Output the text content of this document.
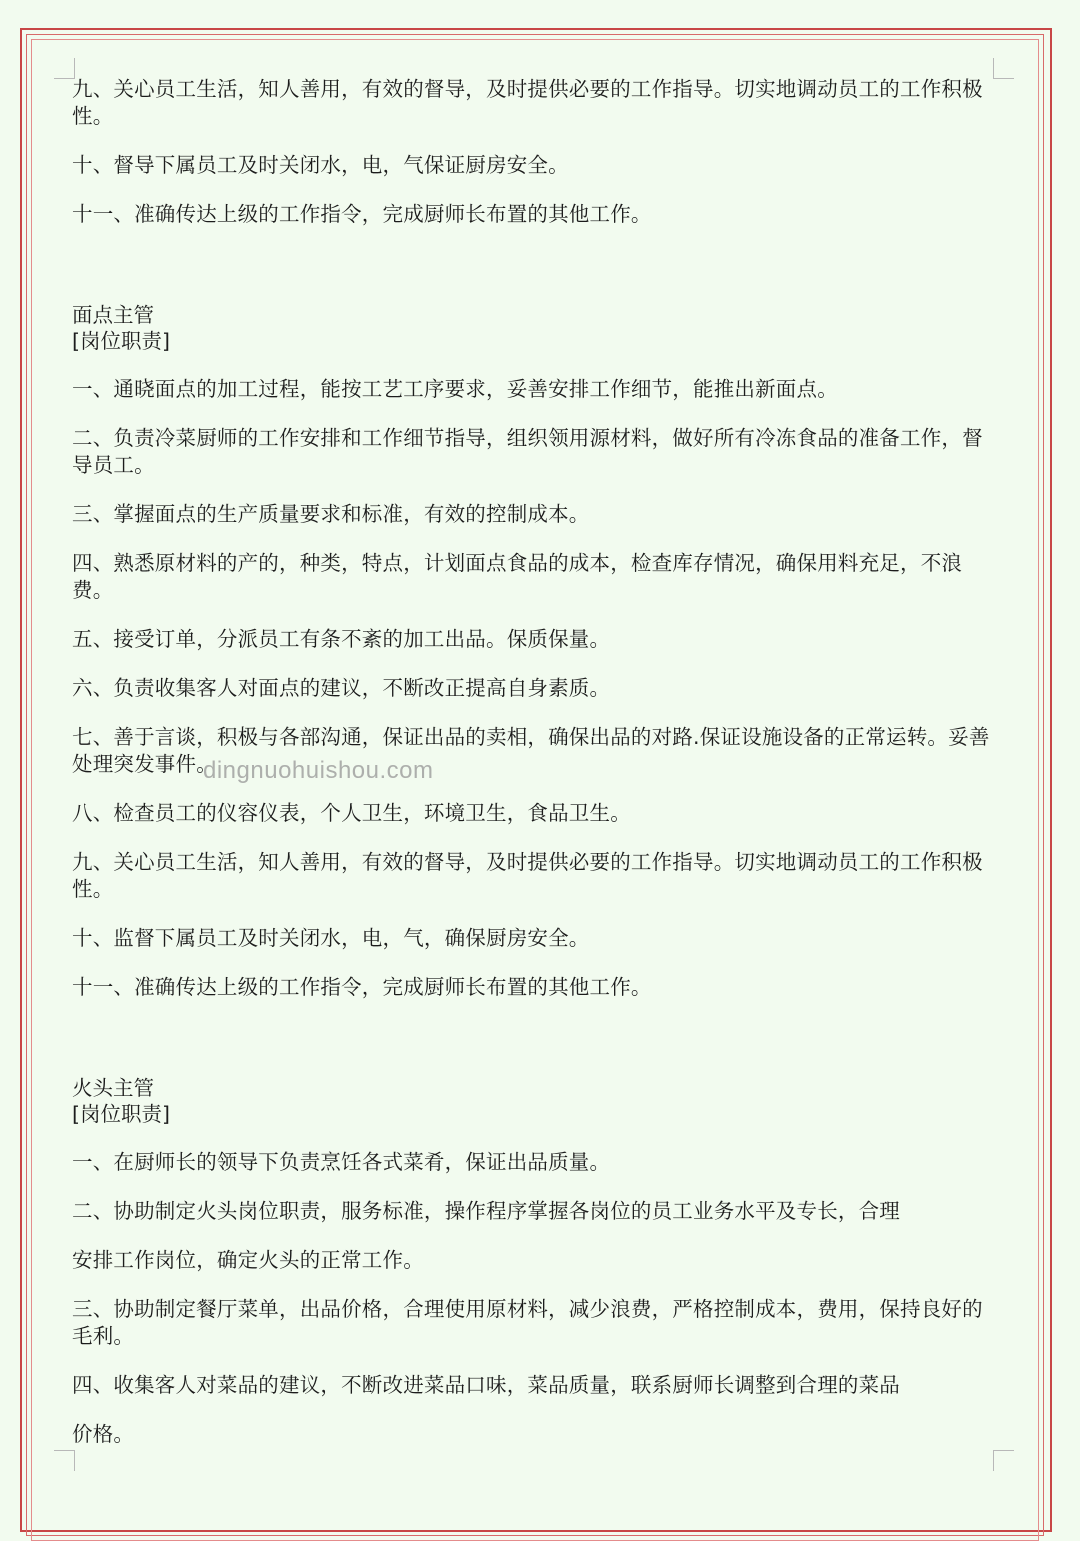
九、关心员工生活，知人善用，有效的督导，及时提供必要的工作指导。切实地调动员工的工作积极性。

十、督导下属员工及时关闭水，电，气保证厨房安全。

十一、准确传达上级的工作指令，完成厨师长布置的其他工作。

面点主管

[岗位职责]

一、通晓面点的加工过程，能按工艺工序要求，妥善安排工作细节，能推出新面点。

二、负责冷菜厨师的工作安排和工作细节指导，组织领用源材料，做好所有冷冻食品的准备工作，督导员工。

三、掌握面点的生产质量要求和标准，有效的控制成本。

四、熟悉原材料的产的，种类，特点，计划面点食品的成本，检查库存情况，确保用料充足，不浪费。

五、接受订单，分派员工有条不紊的加工出品。保质保量。

六、负责收集客人对面点的建议，不断改正提高自身素质。

七、善于言谈，积极与各部沟通，保证出品的卖相，确保出品的对路.保证设施设备的正常运转。妥善处理突发事件。

八、检查员工的仪容仪表，个人卫生，环境卫生，食品卫生。

九、关心员工生活，知人善用，有效的督导，及时提供必要的工作指导。切实地调动员工的工作积极性。

十、监督下属员工及时关闭水，电，气，确保厨房安全。

十一、准确传达上级的工作指令，完成厨师长布置的其他工作。

火头主管

[岗位职责]

一、在厨师长的领导下负责烹饪各式菜肴，保证出品质量。

二、协助制定火头岗位职责，服务标准，操作程序掌握各岗位的员工业务水平及专长，合理

安排工作岗位，确定火头的正常工作。

三、协助制定餐厅菜单，出品价格，合理使用原材料，减少浪费，严格控制成本，费用，保持良好的毛利。

四、收集客人对菜品的建议，不断改进菜品口味，菜品质量，联系厨师长调整到合理的菜品

价格。

dingnuohuishou.com
